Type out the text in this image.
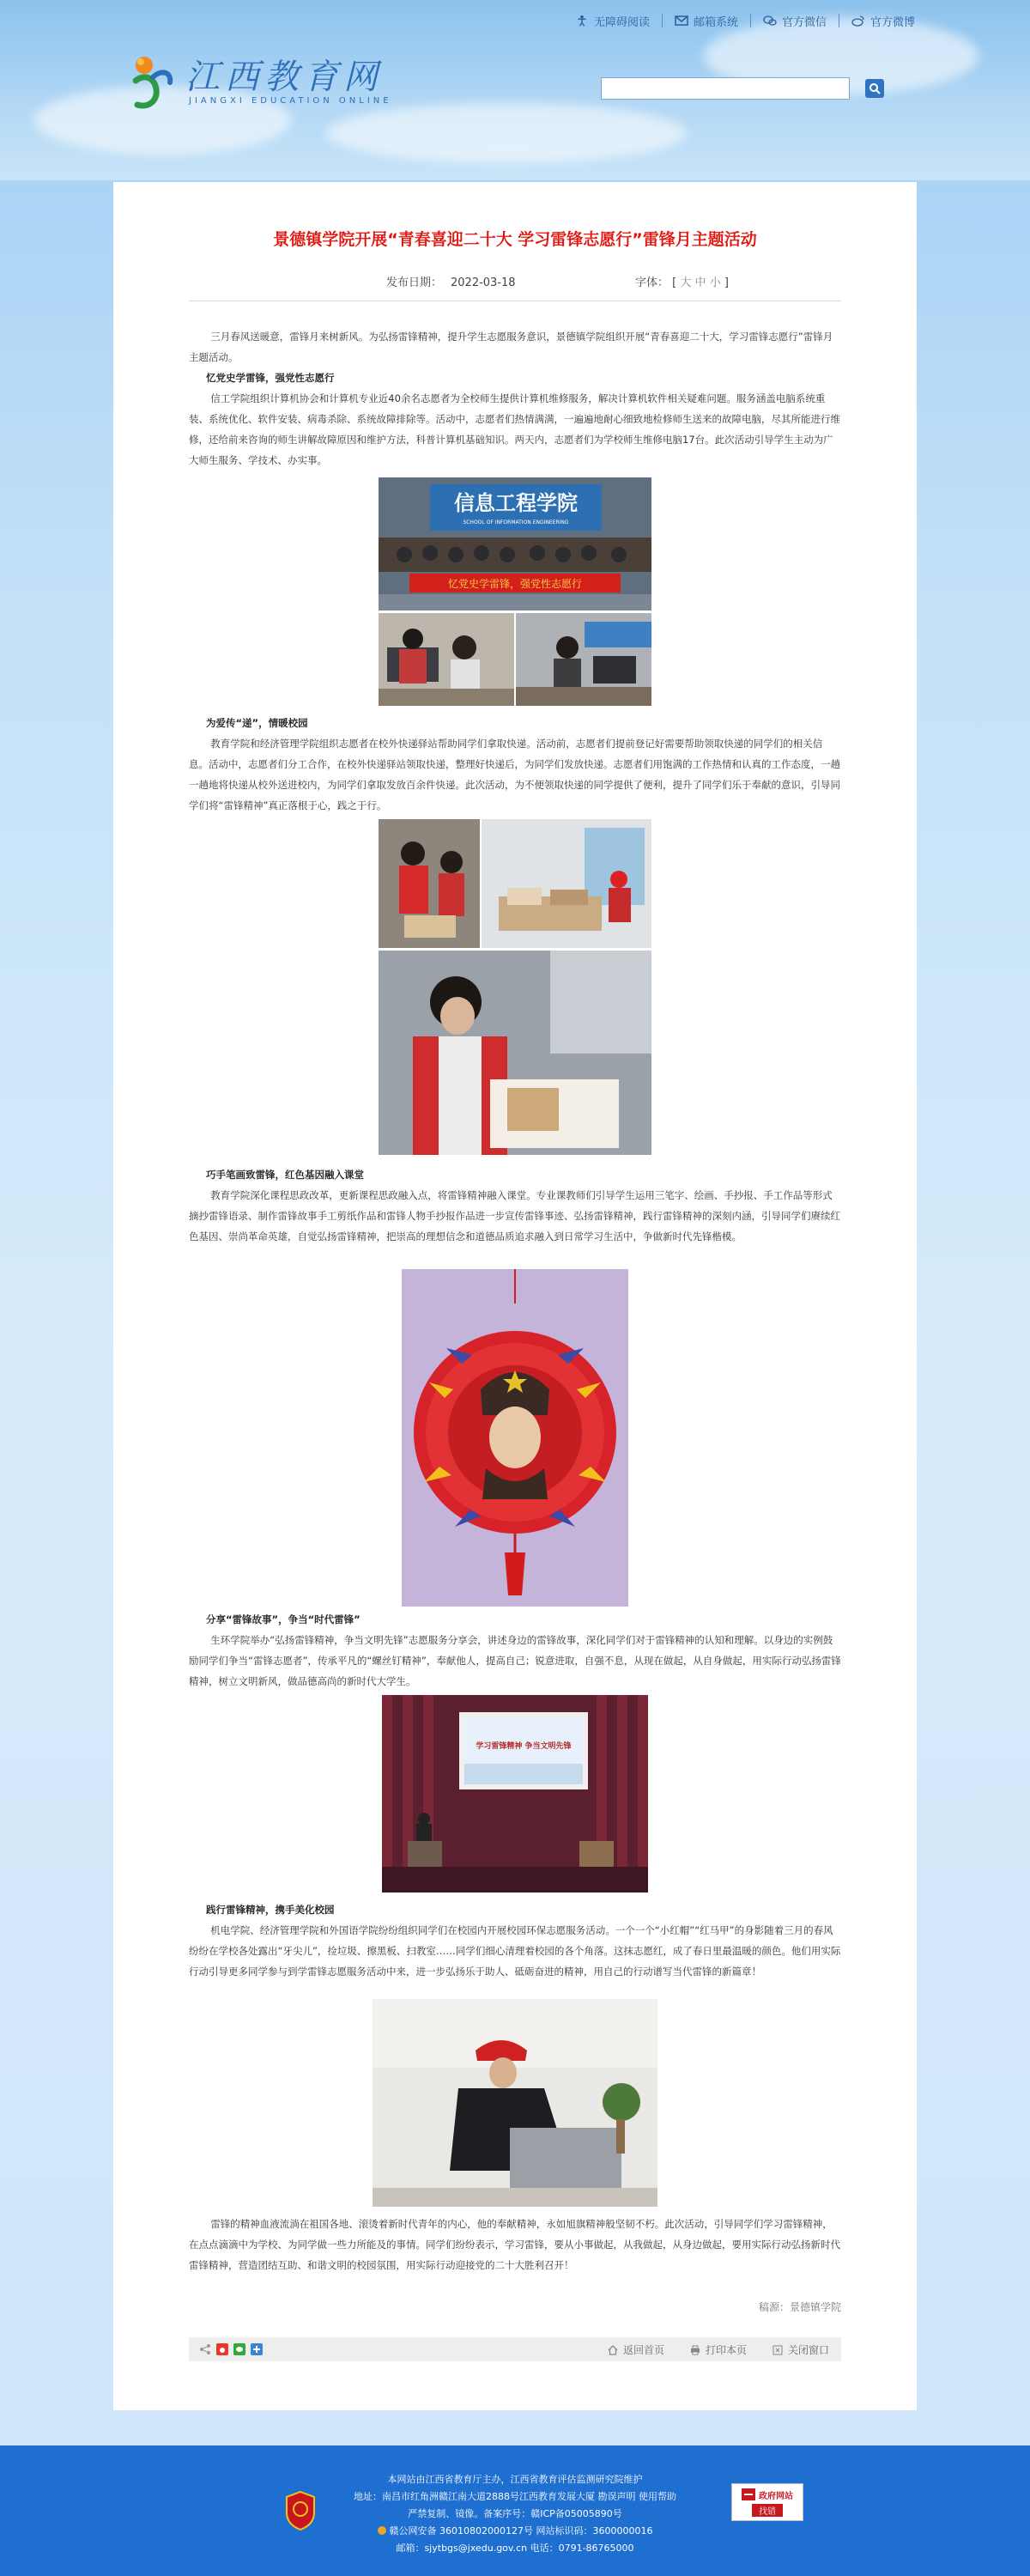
无障碍阅读	邮箱系统	官方微信	官方微博
江西教育网
JIANGXI EDUCATION ONLINE
景德镇学院开展“青春喜迎二十大 学习雷锋志愿行”雷锋月主题活动
发布日期： 2022-03-18	字体： [ 大 中 小 ]

三月春风送暖意，雷锋月来树新风。为弘扬雷锋精神，提升学生志愿服务意识，景德镇学院组织开展“青春喜迎二十大，学习雷锋志愿行”雷锋月主题活动。

忆党史学雷锋，强党性志愿行

信工学院组织计算机协会和计算机专业近40余名志愿者为全校师生提供计算机维修服务，解决计算机软件相关疑难问题。服务涵盖电脑系统重装、系统优化、软件安装、病毒杀除、系统故障排除等。活动中，志愿者们热情满满，一遍遍地耐心细致地检修师生送来的故障电脑，尽其所能进行维修，还给前来咨询的师生讲解故障原因和维护方法，科普计算机基础知识。两天内，志愿者们为学校师生维修电脑17台。此次活动引导学生主动为广大师生服务、学技术、办实事。

信息工程学院
SCHOOL OF INFORMATION ENGINEERING
忆党史学雷锋，强党性志愿行

为爱传“递”，情暖校园

教育学院和经济管理学院组织志愿者在校外快递驿站帮助同学们拿取快递。活动前，志愿者们提前登记好需要帮助领取快递的同学们的相关信息。活动中，志愿者们分工合作，在校外快递驿站领取快递，整理好快递后，为同学们发放快递。志愿者们用饱满的工作热情和认真的工作态度，一趟一趟地将快递从校外送进校内，为同学们拿取发放百余件快递。此次活动，为不便领取快递的同学提供了便利，提升了同学们乐于奉献的意识，引导同学们将“雷锋精神”真正落根于心，践之于行。

巧手笔画致雷锋，红色基因融入课堂

教育学院深化课程思政改革，更新课程思政融入点，将雷锋精神融入课堂。专业课教师们引导学生运用三笔字、绘画、手抄报、手工作品等形式摘抄雷锋语录、制作雷锋故事手工剪纸作品和雷锋人物手抄报作品进一步宣传雷锋事迹、弘扬雷锋精神，践行雷锋精神的深刻内涵，引导同学们赓续红色基因、崇尚革命英雄，自觉弘扬雷锋精神，把崇高的理想信念和道德品质追求融入到日常学习生活中，争做新时代先锋楷模。

分享“雷锋故事”，争当“时代雷锋”

生环学院举办“弘扬雷锋精神，争当文明先锋”志愿服务分享会，讲述身边的雷锋故事，深化同学们对于雷锋精神的认知和理解。以身边的实例鼓励同学们争当“雷锋志愿者”，传承平凡的“螺丝钉精神”，奉献他人，提高自己；锐意进取，自强不息，从现在做起，从自身做起，用实际行动弘扬雷锋精神，树立文明新风，做品德高尚的新时代大学生。

学习雷锋精神 争当文明先锋

践行雷锋精神，携手美化校园

机电学院、经济管理学院和外国语学院纷纷组织同学们在校园内开展校园环保志愿服务活动。一个一个“小红帽”“红马甲”的身影随着三月的春风纷纷在学校各处露出“牙尖儿”，捡垃圾、擦黑板、扫教室……同学们细心清理着校园的各个角落。这抹志愿红，成了春日里最温暖的颜色。他们用实际行动引导更多同学参与到学雷锋志愿服务活动中来，进一步弘扬乐于助人、砥砺奋进的精神，用自己的行动谱写当代雷锋的新篇章！

雷锋的精神血液流淌在祖国各地、滚烫着新时代青年的内心，他的奉献精神，永如旭旗精神般坚韧不朽。此次活动，引导同学们学习雷锋精神，在点点滴滴中为学校、为同学做一些力所能及的事情。同学们纷纷表示，学习雷锋，要从小事做起，从我做起，从身边做起，要用实际行动弘扬新时代雷锋精神，营造团结互助、和谐文明的校园氛围，用实际行动迎接党的二十大胜利召开！

稿源：景德镇学院
返回首页	打印本页	关闭窗口
本网站由江西省教育厅主办，江西省教育评估监测研究院维护
地址：南昌市红角洲赣江南大道2888号江西教育发展大厦 勘误声明 使用帮助
严禁复制、镜像。备案序号：赣ICP备05005890号
赣公网安备 36010802000127号 网站标识码：3600000016
邮箱：sjytbgs@jxedu.gov.cn 电话：0791-86765000
政府网站
找错
